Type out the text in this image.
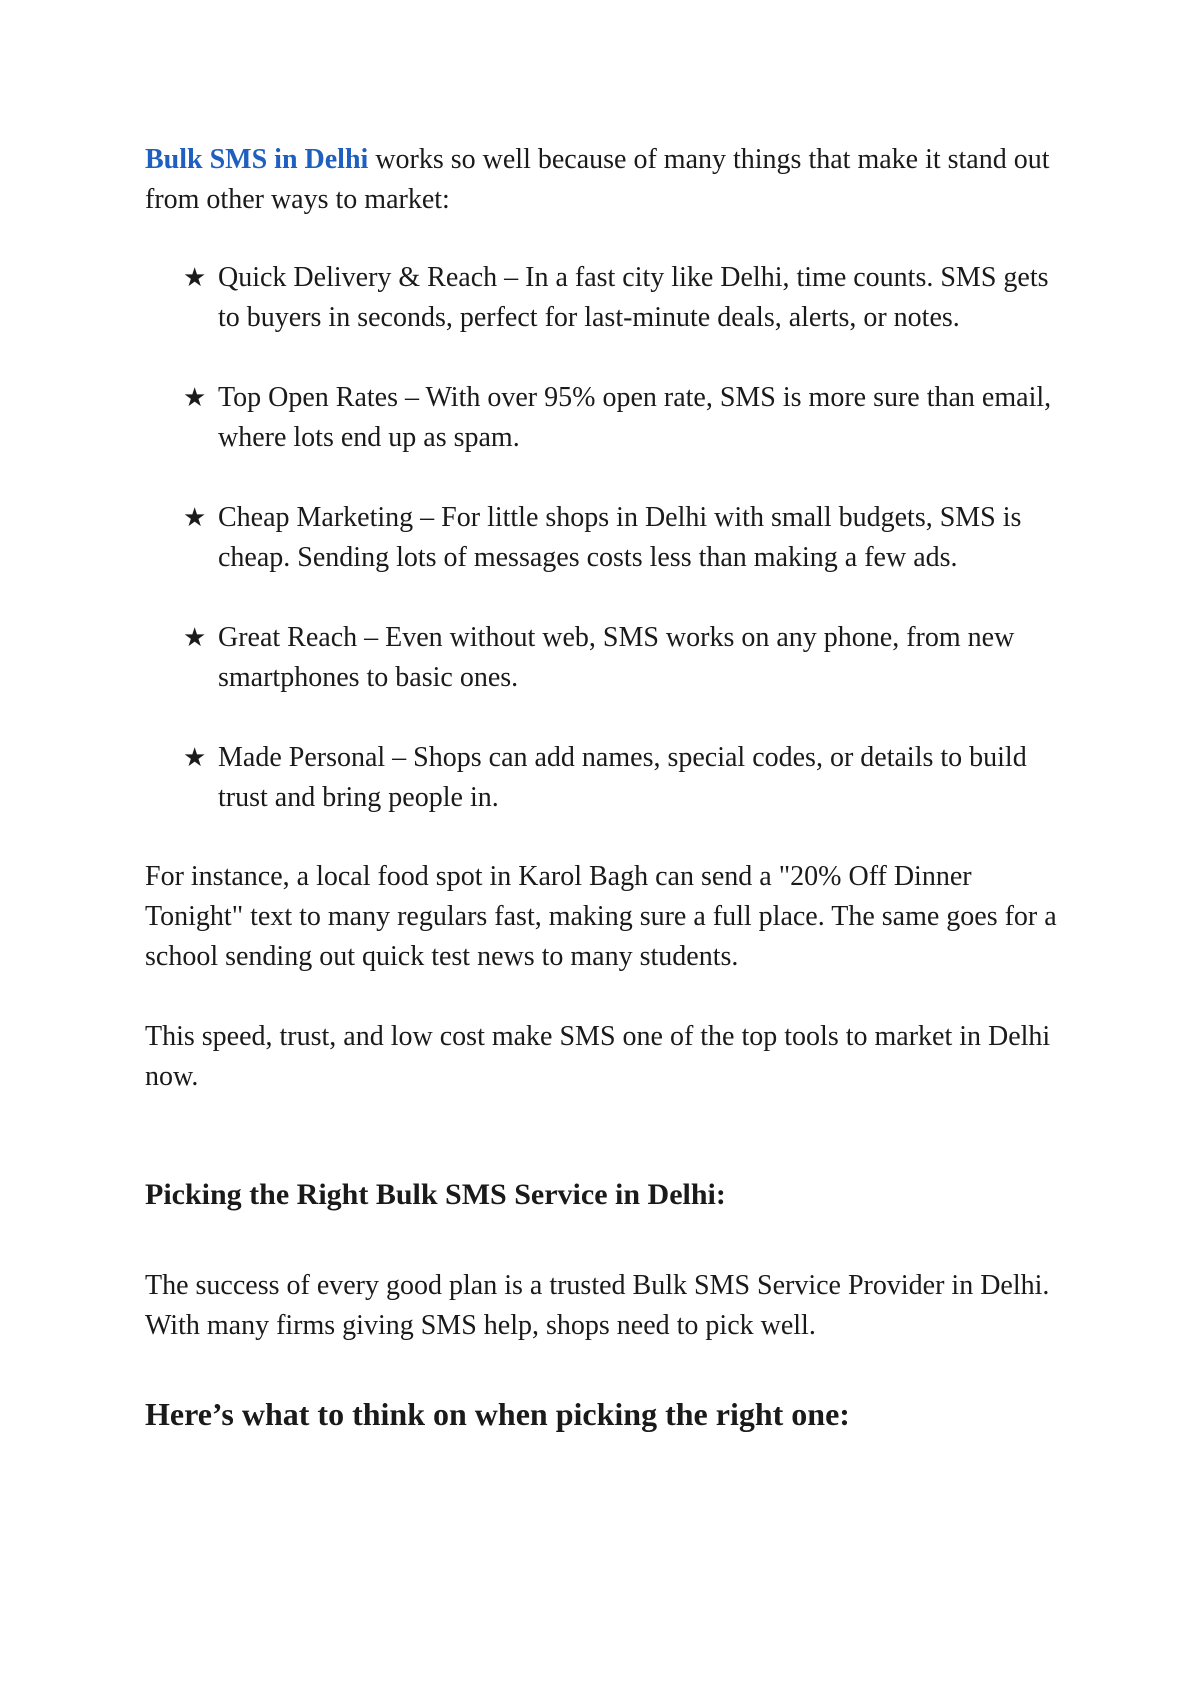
Bulk SMS in Delhi works so well because of many things that make it stand out from other ways to market:

★ Quick Delivery & Reach – In a fast city like Delhi, time counts. SMS gets to buyers in seconds, perfect for last-minute deals, alerts, or notes.
★ Top Open Rates – With over 95% open rate, SMS is more sure than email, where lots end up as spam.
★ Cheap Marketing – For little shops in Delhi with small budgets, SMS is cheap. Sending lots of messages costs less than making a few ads.
★ Great Reach – Even without web, SMS works on any phone, from new smartphones to basic ones.
★ Made Personal – Shops can add names, special codes, or details to build trust and bring people in.

For instance, a local food spot in Karol Bagh can send a "20% Off Dinner Tonight" text to many regulars fast, making sure a full place. The same goes for a school sending out quick test news to many students.

This speed, trust, and low cost make SMS one of the top tools to market in Delhi now.

Picking the Right Bulk SMS Service in Delhi:

The success of every good plan is a trusted Bulk SMS Service Provider in Delhi. With many firms giving SMS help, shops need to pick well.

Here’s what to think on when picking the right one:
